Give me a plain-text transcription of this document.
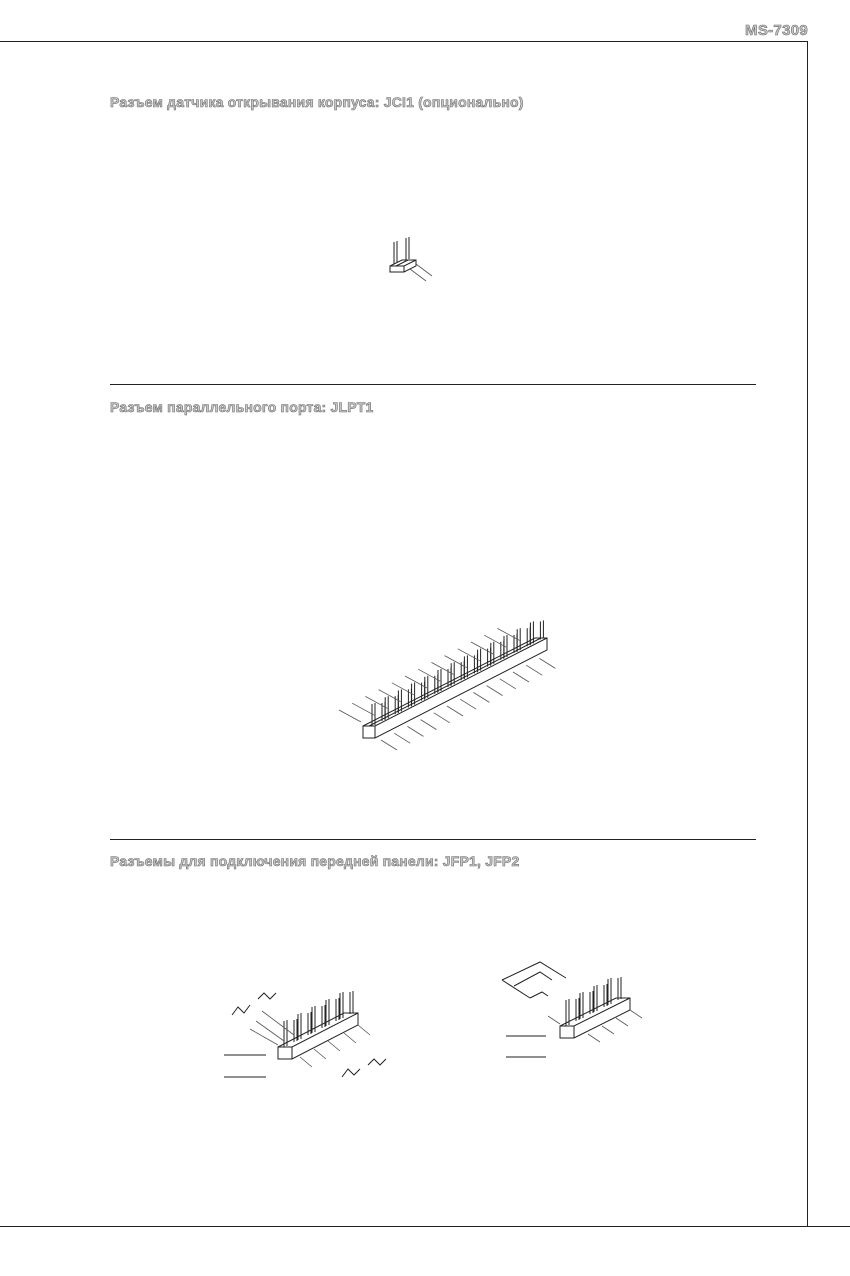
MS-7309
Разъем датчика открывания корпуса: JCI1 (опционально)
Разъем параллельного порта: JLPT1
Разъемы для подключения передней панели: JFP1, JFP2
